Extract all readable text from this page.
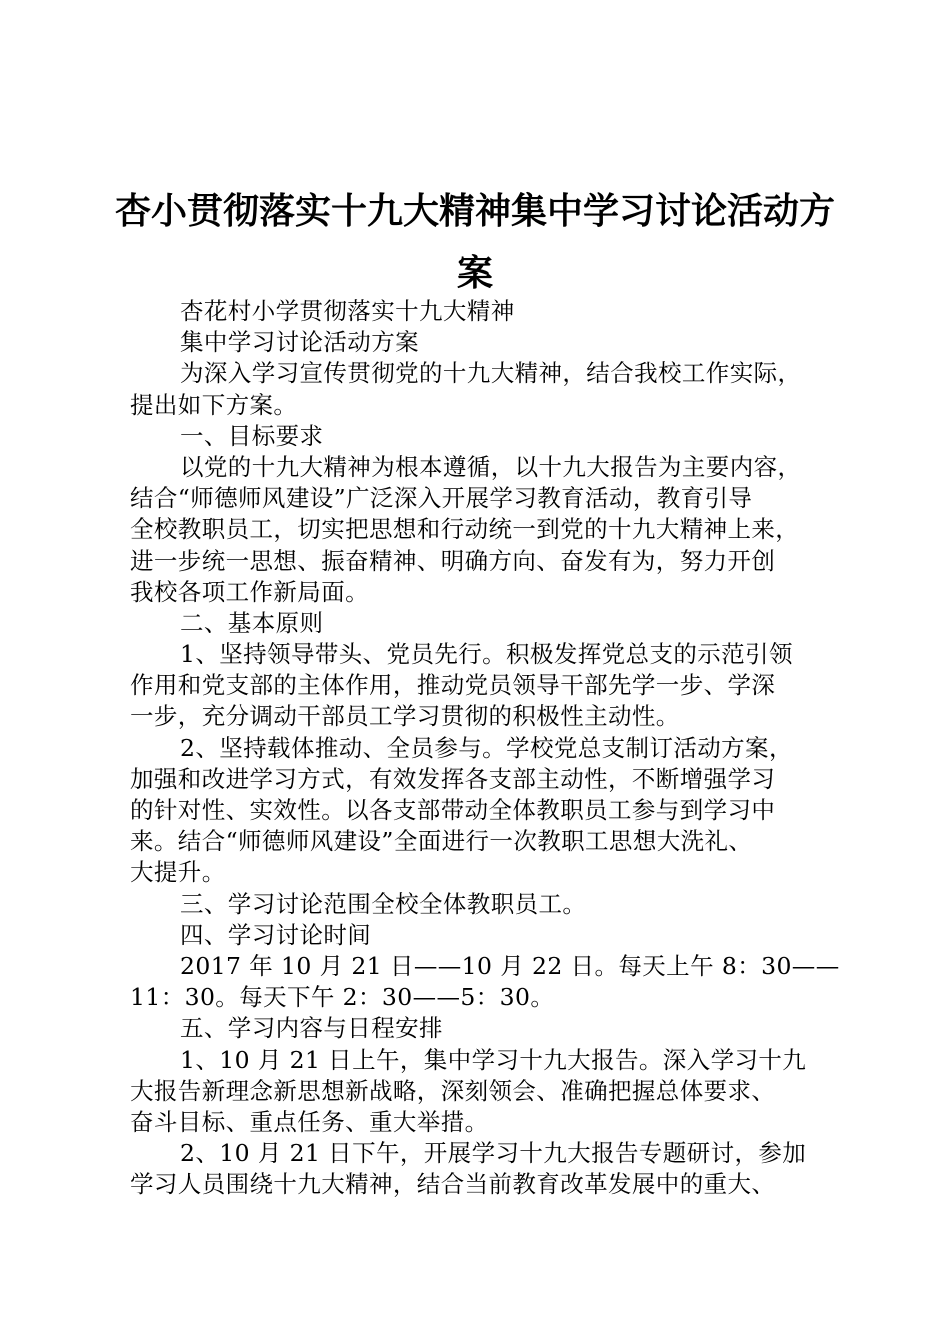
杏小贯彻落实十九大精神集中学习讨论活动方
案
杏花村小学贯彻落实十九大精神
集中学习讨论活动方案
为深入学习宣传贯彻党的十九大精神，结合我校工作实际，
提出如下方案。
一、目标要求
以党的十九大精神为根本遵循，以十九大报告为主要内容，
结合“师德师风建设”广泛深入开展学习教育活动，教育引导
全校教职员工，切实把思想和行动统一到党的十九大精神上来，
进一步统一思想、振奋精神、明确方向、奋发有为，努力开创
我校各项工作新局面。
二、基本原则
1、坚持领导带头、党员先行。积极发挥党总支的示范引领
作用和党支部的主体作用，推动党员领导干部先学一步、学深
一步，充分调动干部员工学习贯彻的积极性主动性。
2、坚持载体推动、全员参与。学校党总支制订活动方案，
加强和改进学习方式，有效发挥各支部主动性，不断增强学习
的针对性、实效性。以各支部带动全体教职员工参与到学习中
来。结合“师德师风建设”全面进行一次教职工思想大洗礼、
大提升。
三、学习讨论范围全校全体教职员工。
四、学习讨论时间
2017 年 10 月 21 日——10 月 22 日。每天上午 8：30——
11：30。每天下午 2：30——5：30。
五、学习内容与日程安排
1、10 月 21 日上午，集中学习十九大报告。深入学习十九
大报告新理念新思想新战略，深刻领会、准确把握总体要求、
奋斗目标、重点任务、重大举措。
2、10 月 21 日下午，开展学习十九大报告专题研讨，参加
学习人员围绕十九大精神，结合当前教育改革发展中的重大、
